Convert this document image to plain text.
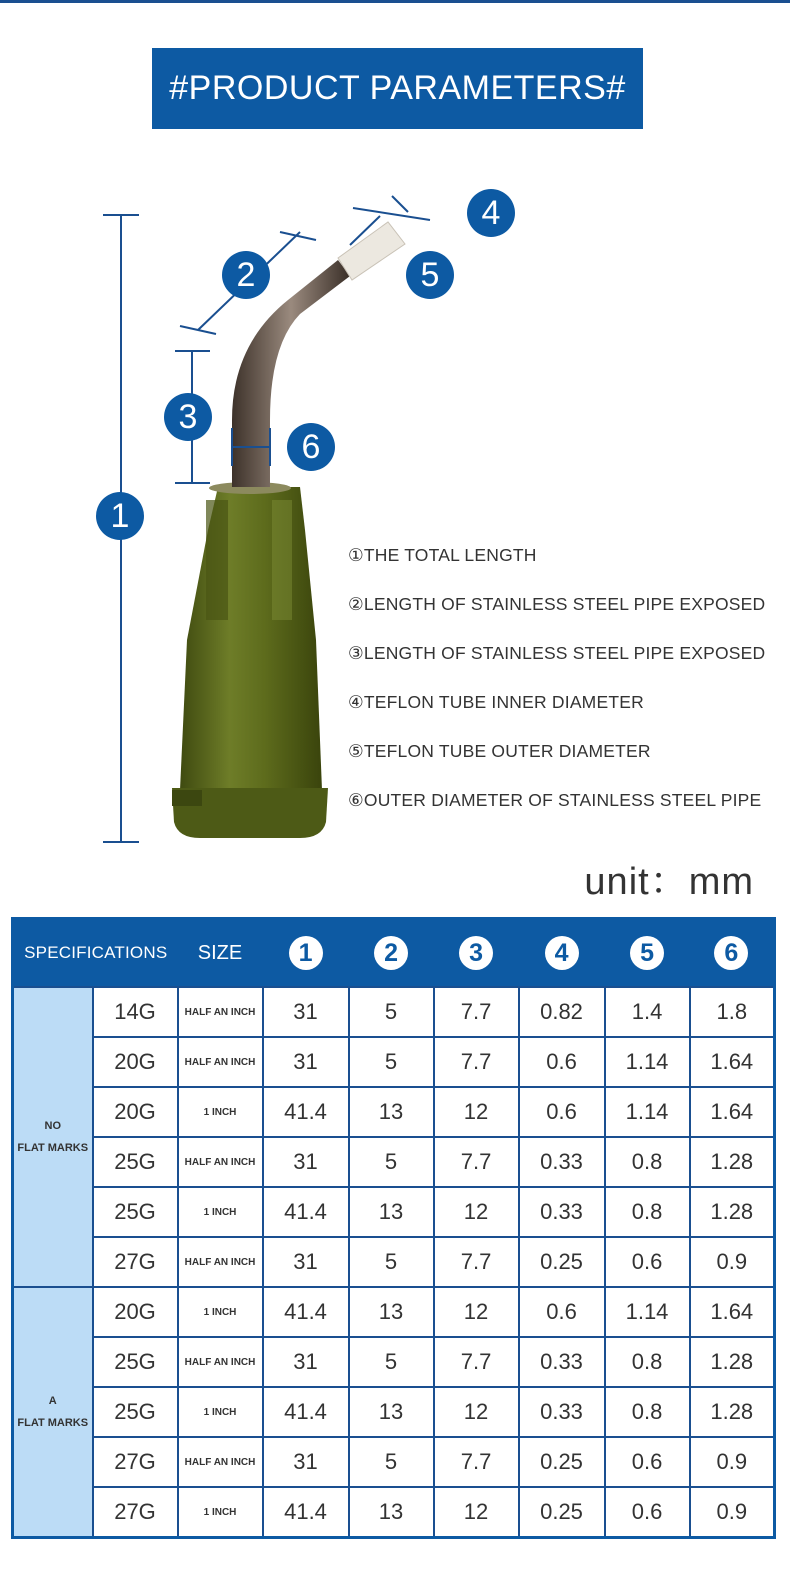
#PRODUCT PARAMETERS#
1
2
3
4
5
6
①THE TOTAL LENGTH
②LENGTH OF STAINLESS STEEL PIPE EXPOSED
③LENGTH OF STAINLESS STEEL PIPE EXPOSED
④TEFLON TUBE INNER DIAMETER
⑤TEFLON TUBE OUTER DIAMETER
⑥OUTER DIAMETER OF STAINLESS STEEL PIPE
unit：mm
SPECIFICATIONS		SIZE	1	2	3	4	5	6

NO
FLAT MARKS	14G	HALF AN INCH	31	5	7.7	0.82	1.4	1.8
	20G	HALF AN INCH	31	5	7.7	0.6	1.14	1.64
	20G	1 INCH	41.4	13	12	0.6	1.14	1.64
	25G	HALF AN INCH	31	5	7.7	0.33	0.8	1.28
	25G	1 INCH	41.4	13	12	0.33	0.8	1.28
	27G	HALF AN INCH	31	5	7.7	0.25	0.6	0.9

A
FLAT MARKS	20G	1 INCH	41.4	13	12	0.6	1.14	1.64
	25G	HALF AN INCH	31	5	7.7	0.33	0.8	1.28
	25G	1 INCH	41.4	13	12	0.33	0.8	1.28
	27G	HALF AN INCH	31	5	7.7	0.25	0.6	0.9
	27G	1 INCH	41.4	13	12	0.25	0.6	0.9
